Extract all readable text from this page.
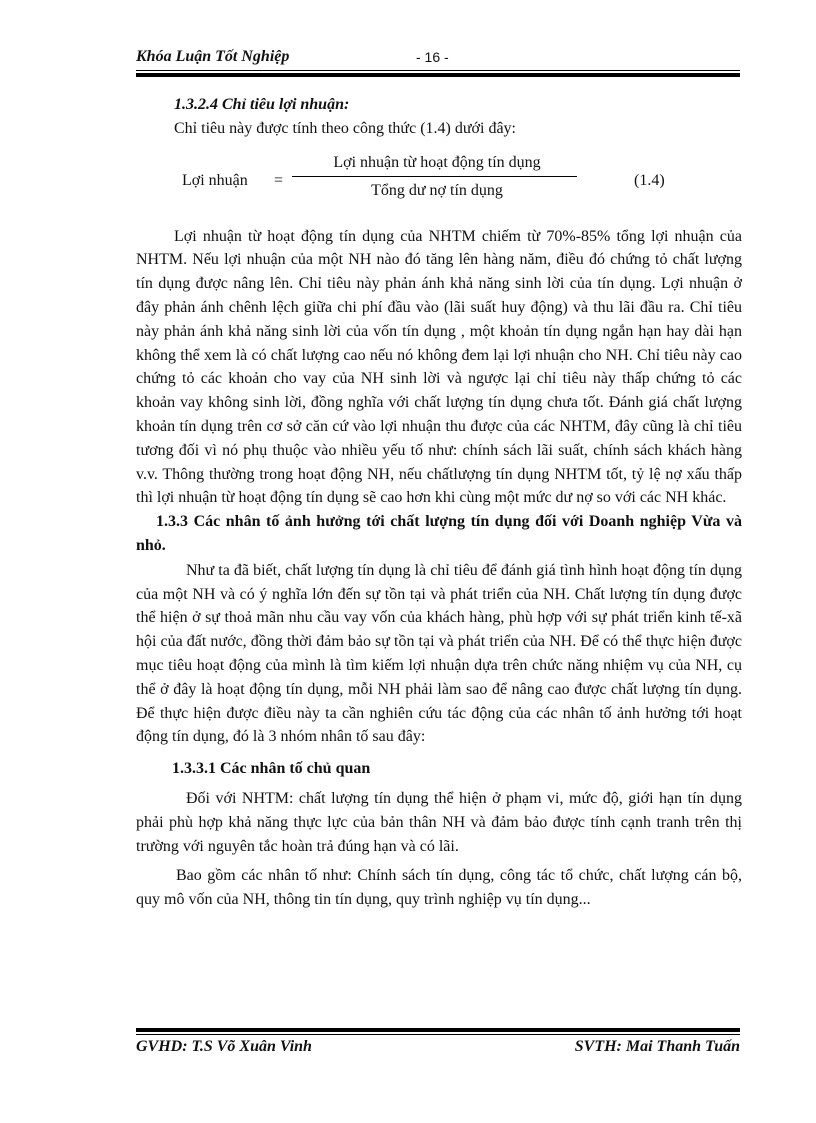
Khóa Luận Tốt Nghiệp	- 16 -

1.3.2.4 Chỉ tiêu lợi nhuận:

Chỉ tiêu này được tính theo công thức (1.4) dưới đây:

Lợi nhuận =
Lợi nhuận từ hoạt động tín dụng
Tổng dư nợ tín dụng
(1.4)

Lợi nhuận từ hoạt động tín dụng của NHTM chiếm từ 70%-85% tổng lợi nhuận của NHTM. Nếu lợi nhuận của một NH nào đó tăng lên hàng năm, điều đó chứng tỏ chất lượng tín dụng được nâng lên. Chỉ tiêu này phản ánh khả năng sinh lời của tín dụng. Lợi nhuận ở đây phản ánh chênh lệch giữa chi phí đầu vào (lãi suất huy động) và thu lãi đầu ra. Chỉ tiêu này phản ánh khả năng sinh lời của vốn tín dụng , một khoản tín dụng ngắn hạn hay dài hạn không thể xem là có chất lượng cao nếu nó không đem lại lợi nhuận cho NH. Chỉ tiêu này cao chứng tỏ các khoản cho vay của NH sinh lời và ngược lại chỉ tiêu này thấp chứng tỏ các khoản vay không sinh lời, đồng nghĩa với chất lượng tín dụng chưa tốt. Đánh giá chất lượng khoản tín dụng trên cơ sở căn cứ vào lợi nhuận thu được của các NHTM, đây cũng là chỉ tiêu tương đối vì nó phụ thuộc vào nhiều yếu tố như: chính sách lãi suất, chính sách khách hàng v.v. Thông thường trong hoạt động NH, nếu chấtlượng tín dụng NHTM tốt, tỷ lệ nợ xấu thấp thì lợi nhuận từ hoạt động tín dụng sẽ cao hơn khi cùng một mức dư nợ so với các NH khác.

1.3.3 Các nhân tố ảnh hưởng tới chất lượng tín dụng đối với Doanh nghiệp Vừa và nhỏ.

Như ta đã biết, chất lượng tín dụng là chỉ tiêu để đánh giá tình hình hoạt động tín dụng của một NH và có ý nghĩa lớn đến sự tồn tại và phát triển của NH. Chất lượng tín dụng được thể hiện ở sự thoả mãn nhu cầu vay vốn của khách hàng, phù hợp với sự phát triển kinh tế-xã hội của đất nước, đồng thời đảm bảo sự tồn tại và phát triển của NH. Để có thể thực hiện được mục tiêu hoạt động của mình là tìm kiếm lợi nhuận dựa trên chức năng nhiệm vụ của NH, cụ thể ở đây là hoạt động tín dụng, mỗi NH phải làm sao để nâng cao được chất lượng tín dụng. Để thực hiện được điều này ta cần nghiên cứu tác động của các nhân tố ảnh hưởng tới hoạt động tín dụng, đó là 3 nhóm nhân tố sau đây:

1.3.3.1 Các nhân tố chủ quan

Đối với NHTM: chất lượng tín dụng thể hiện ở phạm vi, mức độ, giới hạn tín dụng phải phù hợp khả năng thực lực của bản thân NH và đảm bảo được tính cạnh tranh trên thị trường với nguyên tắc hoàn trả đúng hạn và có lãi.

Bao gồm các nhân tố như: Chính sách tín dụng, công tác tổ chức, chất lượng cán bộ, quy mô vốn của NH, thông tin tín dụng, quy trình nghiệp vụ tín dụng...

GVHD: T.S Võ Xuân Vinh	SVTH: Mai Thanh Tuấn
